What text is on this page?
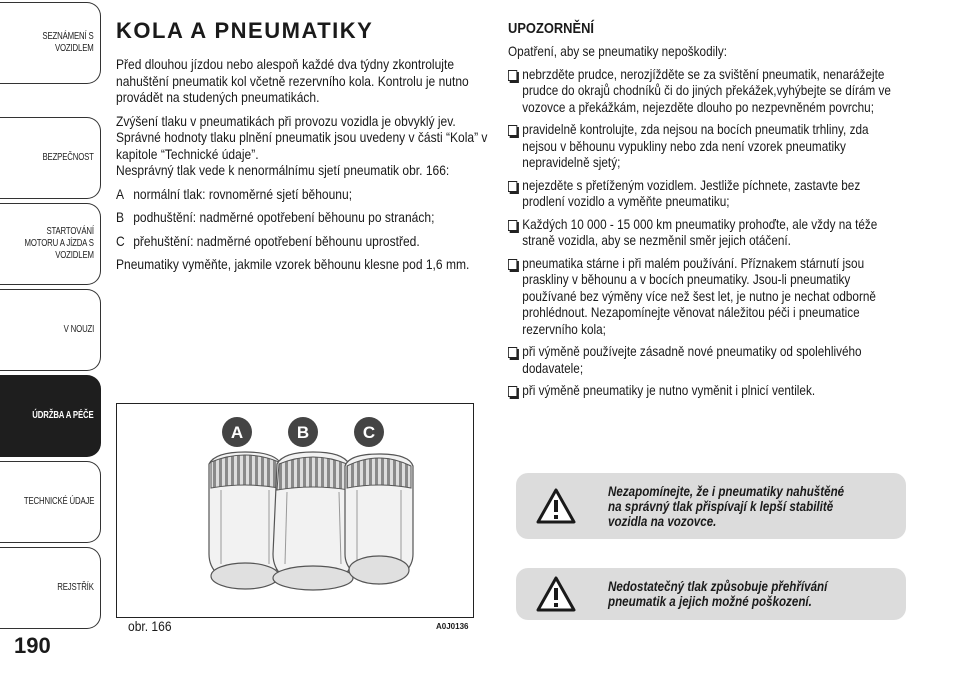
SEZNÁMENÍ S
VOZIDLEM
BEZPEČNOST
STARTOVÁNÍ
MOTORU A JÍZDA S
VOZIDLEM
V NOUZI
ÚDRŽBA A PÉČE
TECHNICKÉ ÚDAJE
REJSTŘÍK
190
KOLA A PNEUMATIKY

Před dlouhou jízdou nebo alespoň každé dva týdny zkontrolujte nahuštění pneumatik kol včetně rezervního kola. Kontrolu je nutno provádět na studených pneumatikách.

Zvýšení tlaku v pneumatikách při provozu vozidla je obvyklý jev. Správné hodnoty tlaku plnění pneumatik jsou uvedeny v části “Kola” v kapitole “Technické údaje”.

Nesprávný tlak vede k nenormálnímu sjetí pneumatik obr. 166:

A normální tlak: rovnoměrné sjetí běhounu;
B podhuštění: nadměrné opotřebení běhounu po stranách;
C přehuštění: nadměrné opotřebení běhounu uprostřed.

Pneumatiky vyměňte, jakmile vzorek běhounu klesne pod 1,6 mm.

A	B	C
obr. 166	A0J0136
UPOZORNĚNÍ

Opatření, aby se pneumatiky nepoškodily:

nebrzděte prudce, nerozjížděte se za svištění pneumatik, nenarážejte prudce do okrajů chodníků či do jiných překážek,vyhýbejte se dírám ve vozovce a překážkám, nejezděte dlouho po nezpevněném povrchu;
pravidelně kontrolujte, zda nejsou na bocích pneumatik trhliny, zda nejsou v běhounu vypukliny nebo zda není vzorek pneumatiky nepravidelně sjetý;
nejezděte s přetíženým vozidlem. Jestliže píchnete, zastavte bez prodlení vozidlo a vyměňte pneumatiku;
Každých 10 000 - 15 000 km pneumatiky prohoďte, ale vždy na téže straně vozidla, aby se nezměnil směr jejich otáčení.
pneumatika stárne i při malém používání. Příznakem stárnutí jsou praskliny v běhounu a v bocích pneumatiky. Jsou-li pneumatiky používané bez výměny více než šest let, je nutno je nechat odborně prohlédnout. Nezapomínejte věnovat náležitou péči i pneumatice rezervního kola;
při výměně používejte zásadně nové pneumatiky od spolehlivého dodavatele;
při výměně pneumatiky je nutno vyměnit i plnicí ventilek.
Nezapomínejte, že i pneumatiky nahuštěné na správný tlak přispívají k lepší stabilitě vozidla na vozovce.
Nedostatečný tlak způsobuje přehřívání pneumatik a jejich možné poškození.
